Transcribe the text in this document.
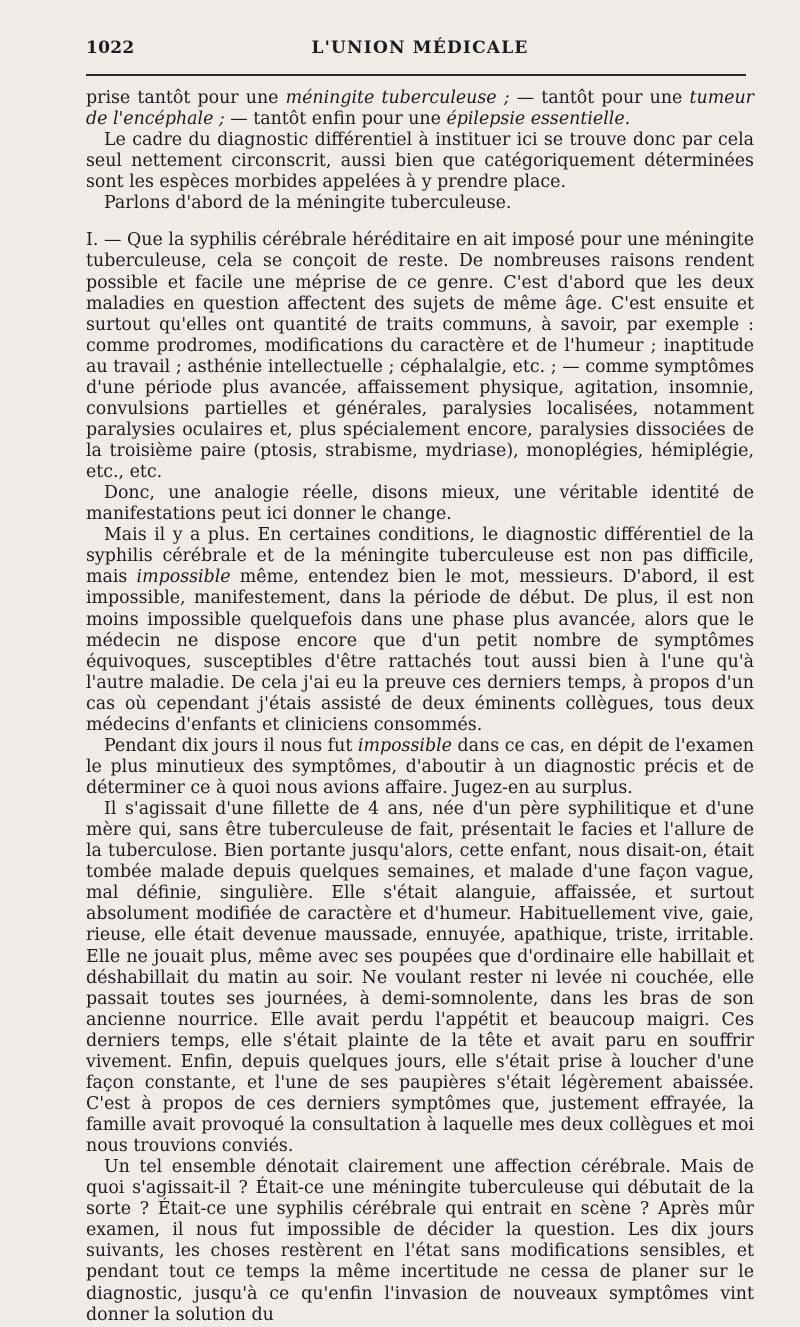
1022	L'UNION MÉDICALE

prise tantôt pour une méningite tuberculeuse ; — tantôt pour une tumeur de l'encéphale ; — tantôt enfin pour une épilepsie essentielle.

Le cadre du diagnostic différentiel à instituer ici se trouve donc par cela seul nettement circonscrit, aussi bien que catégoriquement déterminées sont les espèces morbides appelées à y prendre place.

Parlons d'abord de la méningite tuberculeuse.

I. — Que la syphilis cérébrale héréditaire en ait imposé pour une méningite tuberculeuse, cela se conçoit de reste. De nombreuses raisons rendent possible et facile une méprise de ce genre. C'est d'abord que les deux maladies en question affectent des sujets de même âge. C'est ensuite et surtout qu'elles ont quantité de traits communs, à savoir, par exemple : comme prodromes, modifications du caractère et de l'humeur ; inaptitude au travail ; asthénie intellectuelle ; céphalalgie, etc. ; — comme symptômes d'une période plus avancée, affaissement physique, agitation, insomnie, convulsions partielles et générales, paralysies localisées, notamment paralysies oculaires et, plus spécialement encore, paralysies dissociées de la troisième paire (ptosis, strabisme, mydriase), monoplégies, hémiplégie, etc., etc.

Donc, une analogie réelle, disons mieux, une véritable identité de manifestations peut ici donner le change.

Mais il y a plus. En certaines conditions, le diagnostic différentiel de la syphilis cérébrale et de la méningite tuberculeuse est non pas difficile, mais impossible même, entendez bien le mot, messieurs. D'abord, il est impossible, manifestement, dans la période de début. De plus, il est non moins impossible quelquefois dans une phase plus avancée, alors que le médecin ne dispose encore que d'un petit nombre de symptômes équivoques, susceptibles d'être rattachés tout aussi bien à l'une qu'à l'autre maladie. De cela j'ai eu la preuve ces derniers temps, à propos d'un cas où cependant j'étais assisté de deux éminents collègues, tous deux médecins d'enfants et cliniciens consommés.

Pendant dix jours il nous fut impossible dans ce cas, en dépit de l'examen le plus minutieux des symptômes, d'aboutir à un diagnostic précis et de déterminer ce à quoi nous avions affaire. Jugez-en au surplus.

Il s'agissait d'une fillette de 4 ans, née d'un père syphilitique et d'une mère qui, sans être tuberculeuse de fait, présentait le facies et l'allure de la tuberculose. Bien portante jusqu'alors, cette enfant, nous disait-on, était tombée malade depuis quelques semaines, et malade d'une façon vague, mal définie, singulière. Elle s'était alanguie, affaissée, et surtout absolument modifiée de caractère et d'humeur. Habituellement vive, gaie, rieuse, elle était devenue maussade, ennuyée, apathique, triste, irritable. Elle ne jouait plus, même avec ses poupées que d'ordinaire elle habillait et déshabillait du matin au soir. Ne voulant rester ni levée ni couchée, elle passait toutes ses journées, à demi-somnolente, dans les bras de son ancienne nourrice. Elle avait perdu l'appétit et beaucoup maigri. Ces derniers temps, elle s'était plainte de la tête et avait paru en souffrir vivement. Enfin, depuis quelques jours, elle s'était prise à loucher d'une façon constante, et l'une de ses paupières s'était légèrement abaissée. C'est à propos de ces derniers symptômes que, justement effrayée, la famille avait provoqué la consultation à laquelle mes deux collègues et moi nous trouvions conviés.

Un tel ensemble dénotait clairement une affection cérébrale. Mais de quoi s'agissait-il ? Était-ce une méningite tuberculeuse qui débutait de la sorte ? Était-ce une syphilis cérébrale qui entrait en scène ? Après mûr examen, il nous fut impossible de décider la question. Les dix jours suivants, les choses restèrent en l'état sans modifications sensibles, et pendant tout ce temps la même incertitude ne cessa de planer sur le diagnostic, jusqu'à ce qu'enfin l'invasion de nouveaux symptômes vint donner la solution du
